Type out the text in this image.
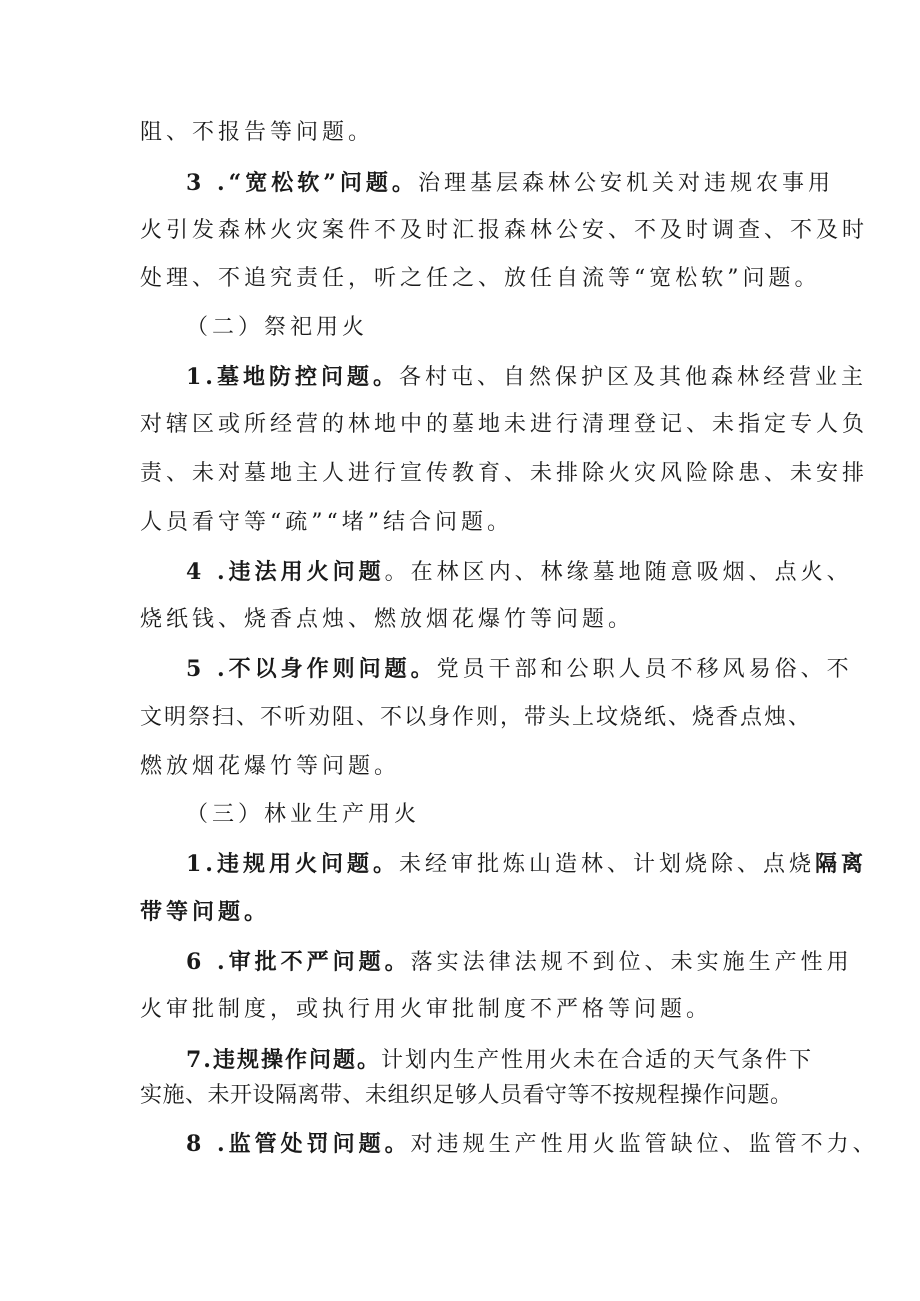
阻、不报告等问题。
3 .“宽松软”问题。治理基层森林公安机关对违规农事用
火引发森林火灾案件不及时汇报森林公安、不及时调查、不及时
处理、不追究责任，听之任之、放任自流等“宽松软”问题。
（二）祭祀用火
1.墓地防控问题。各村屯、自然保护区及其他森林经营业主
对辖区或所经营的林地中的墓地未进行清理登记、未指定专人负
责、未对墓地主人进行宣传教育、未排除火灾风险除患、未安排
人员看守等“疏”“堵”结合问题。
4 .违法用火问题。在林区内、林缘墓地随意吸烟、点火、
烧纸钱、烧香点烛、燃放烟花爆竹等问题。
5 .不以身作则问题。党员干部和公职人员不移风易俗、不
文明祭扫、不听劝阻、不以身作则，带头上坟烧纸、烧香点烛、
燃放烟花爆竹等问题。
（三）林业生产用火
1.违规用火问题。未经审批炼山造林、计划烧除、点烧隔离
带等问题。
6 .审批不严问题。落实法律法规不到位、未实施生产性用
火审批制度，或执行用火审批制度不严格等问题。
7.违规操作问题。计划内生产性用火未在合适的天气条件下
实施、未开设隔离带、未组织足够人员看守等不按规程操作问题。
8 .监管处罚问题。对违规生产性用火监管缺位、监管不力、
